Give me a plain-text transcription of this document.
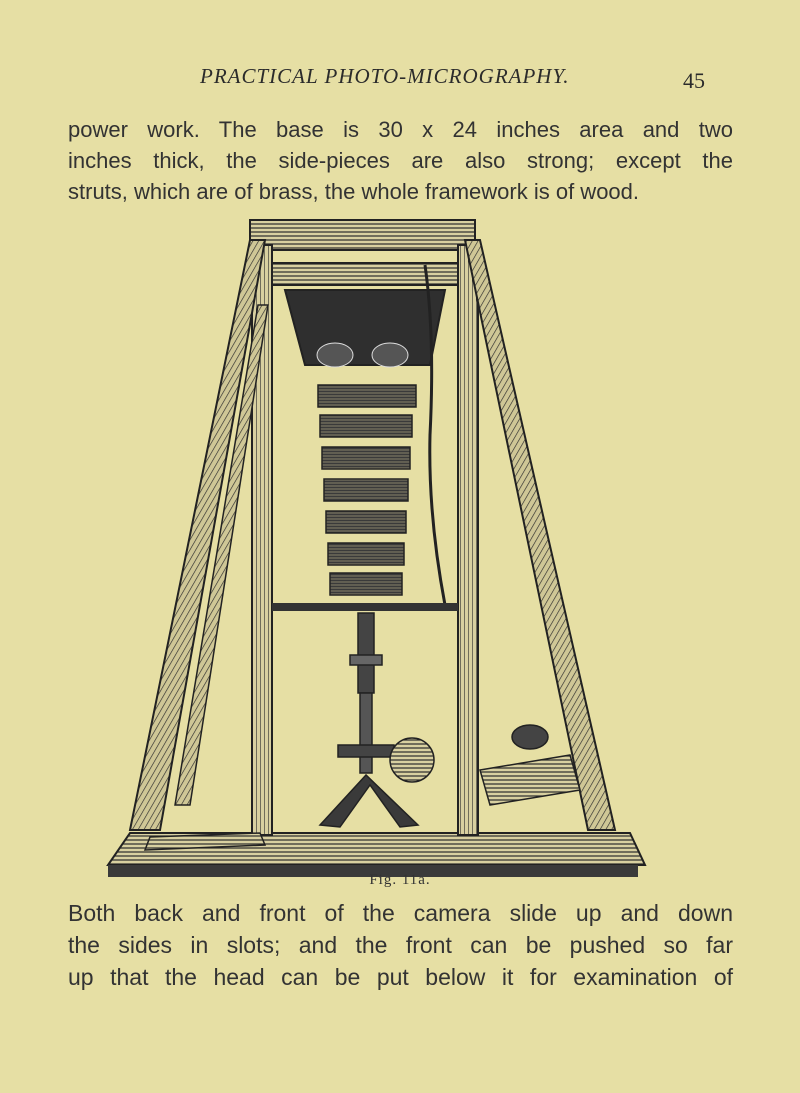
PRACTICAL PHOTO-MICROGRAPHY.	45
power work. The base is 30 x 24 inches area and two
inches thick, the side-pieces are also strong; except the
struts, which are of brass, the whole framework is of wood.
Fig. 11a.
Both back and front of the camera slide up and down
the sides in slots; and the front can be pushed so far
up that the head can be put below it for examination of
